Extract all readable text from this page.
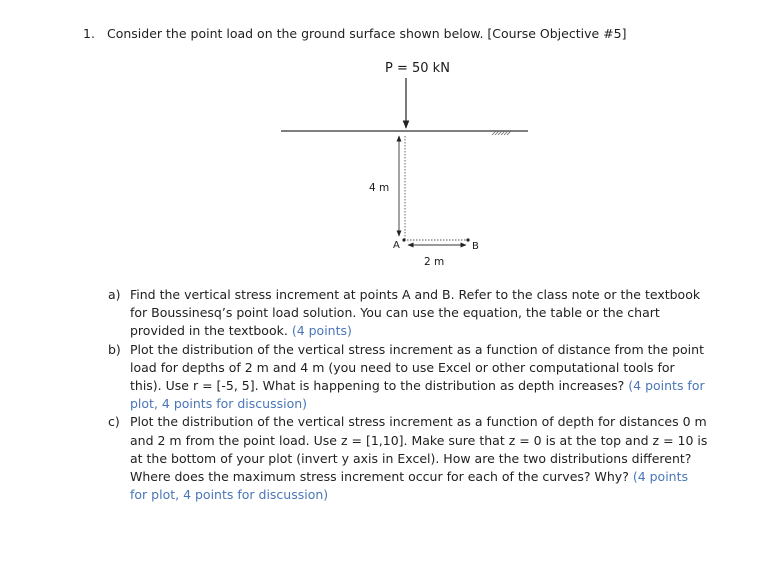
1. Consider the point load on the ground surface shown below. [Course Objective #5]
P = 50 kN
4 m
A	B
2 m

a) Find the vertical stress increment at points A and B. Refer to the class note or the textbook for Boussinesq’s point load solution. You can use the equation, the table or the chart provided in the textbook. (4 points)

b) Plot the distribution of the vertical stress increment as a function of distance from the point load for depths of 2 m and 4 m (you need to use Excel or other computational tools for this). Use r = [-5, 5]. What is happening to the distribution as depth increases? (4 points for plot, 4 points for discussion)

c) Plot the distribution of the vertical stress increment as a function of depth for distances 0 m and 2 m from the point load. Use z = [1,10]. Make sure that z = 0 is at the top and z = 10 is at the bottom of your plot (invert y axis in Excel). How are the two distributions different? Where does the maximum stress increment occur for each of the curves? Why? (4 points for plot, 4 points for discussion)
